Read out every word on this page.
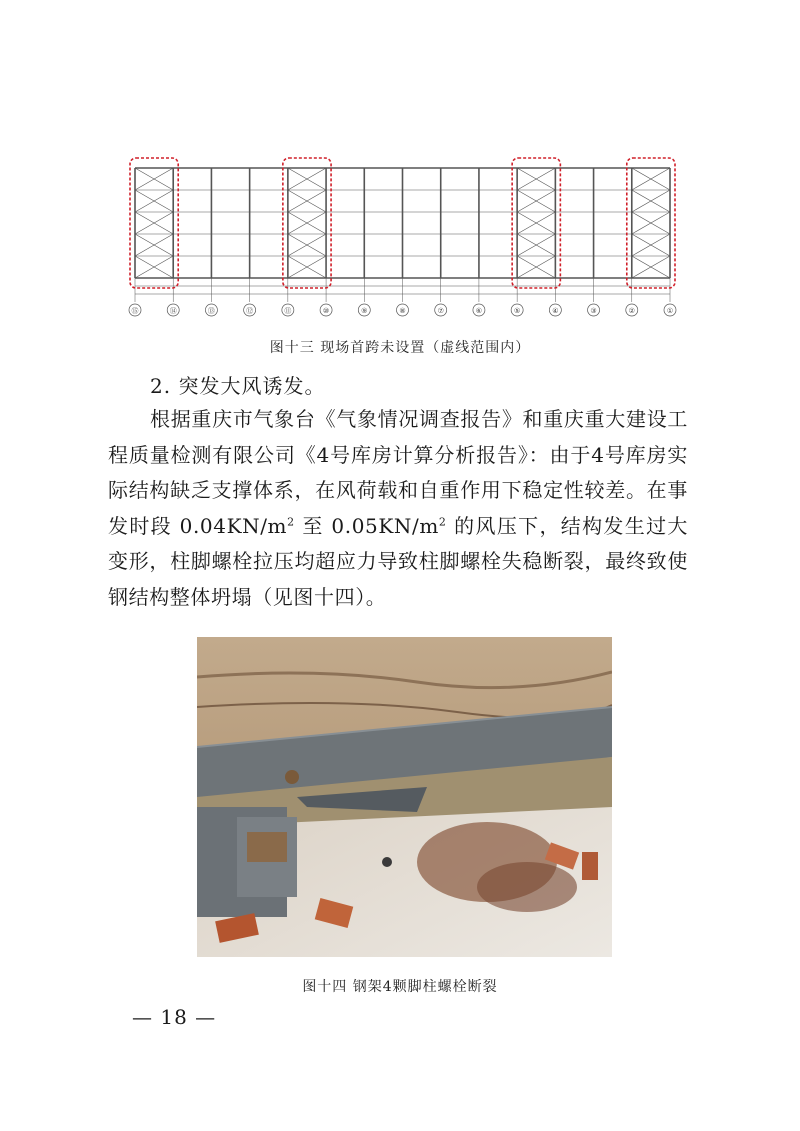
⑮	⑭	⑬	⑫	⑪	⑩	⑨	⑧	⑦	⑥	⑤	④	③	②	①
图十三 现场首跨未设置（虚线范围内）
2. 突发大风诱发。

根据重庆市气象台《气象情况调查报告》和重庆重大建设工程质量检测有限公司《4号库房计算分析报告》：由于4号库房实际结构缺乏支撑体系，在风荷载和自重作用下稳定性较差。在事发时段 $0.04KN/m^2$ 至 $0.05KN/m^2$ 的风压下，结构发生过大变形，柱脚螺栓拉压均超应力导致柱脚螺栓失稳断裂，最终致使钢结构整体坍塌（见图十四）。

图十四 钢架4颗脚柱螺栓断裂
— 18 —
